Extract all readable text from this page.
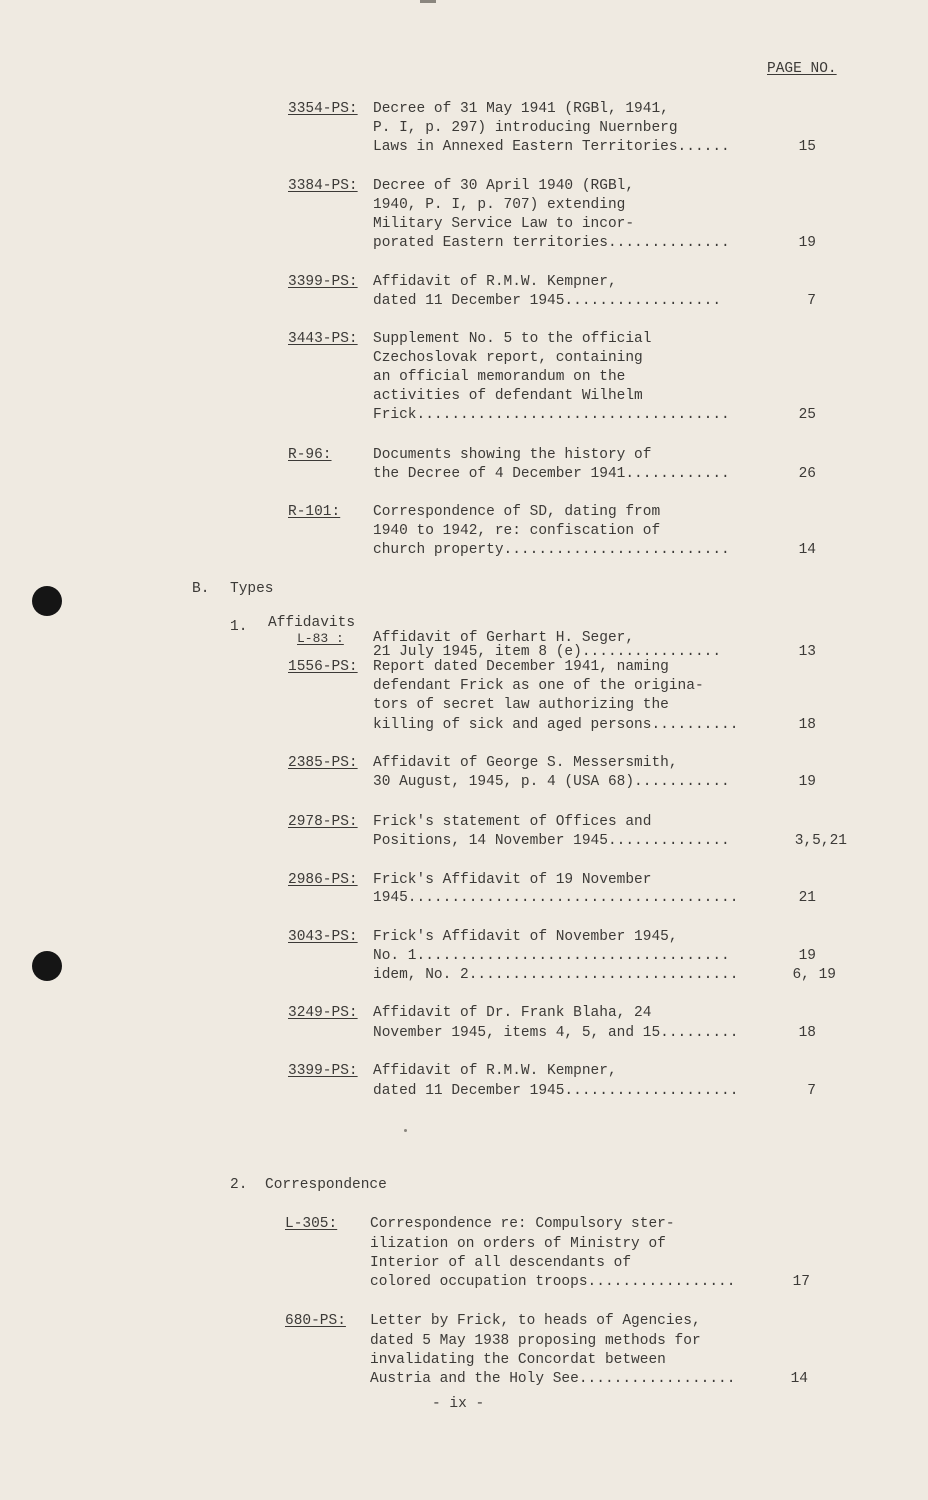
PAGE NO.
3354-PS: Decree of 31 May 1941 (RGBl, 1941,
P. I, p. 297) introducing Nuernberg
Laws in Annexed Eastern Territories......	15
3384-PS: Decree of 30 April 1940 (RGBl,
1940, P. I, p. 707) extending
Military Service Law to incor-
porated Eastern territories..............	19
3399-PS: Affidavit of R.M.W. Kempner,
dated 11 December 1945..................	7
3443-PS: Supplement No. 5 to the official
Czechoslovak report, containing
an official memorandum on the
activities of defendant Wilhelm
Frick....................................	25
R-96:	Documents showing the history of
the Decree of 4 December 1941............	26
R-101: Correspondence of SD, dating from
1940 to 1942, re: confiscation of
church property..........................	14
B. Types
1. Affidavits
L-83 : Affidavit of Gerhart H. Seger,
21 July 1945, item 8 (e)................	13
1556-PS: Report dated December 1941, naming
defendant Frick as one of the origina-
tors of secret law authorizing the
killing of sick and aged persons..........	18
2385-PS: Affidavit of George S. Messersmith,
30 August, 1945, p. 4 (USA 68)...........	19
2978-PS: Frick's statement of Offices and
Positions, 14 November 1945..............	3,5,21
2986-PS: Frick's Affidavit of 19 November
1945......................................	21
3043-PS: Frick's Affidavit of November 1945,
No. 1....................................	19
idem, No. 2...............................	6, 19
3249-PS: Affidavit of Dr. Frank Blaha, 24
November 1945, items 4, 5, and 15.........	18
3399-PS: Affidavit of R.M.W. Kempner,
dated 11 December 1945....................	7
2. Correspondence
L-305: Correspondence re: Compulsory ster-
ilization on orders of Ministry of
Interior of all descendants of
colored occupation troops.................	17
680-PS: Letter by Frick, to heads of Agencies,
dated 5 May 1938 proposing methods for
invalidating the Concordat between
Austria and the Holy See..................	14
- ix -
